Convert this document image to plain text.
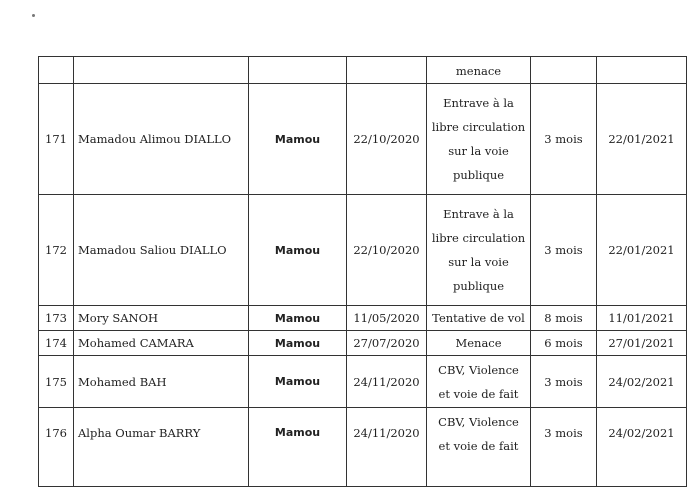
				menace		
171	Mamadou Alimou DIALLO	Mamou	22/10/2020	Entrave à la
libre circulation
sur la voie
publique	3 mois	22/01/2021
172	Mamadou Saliou DIALLO	Mamou	22/10/2020	Entrave à la
libre circulation
sur la voie
publique	3 mois	22/01/2021
173	Mory SANOH	Mamou	11/05/2020	Tentative de vol	8 mois	11/01/2021
174	Mohamed CAMARA	Mamou	27/07/2020	Menace	6 mois	27/01/2021
175	Mohamed BAH	Mamou	24/11/2020	CBV, Violence
et voie de fait	3 mois	24/02/2021
176	Alpha Oumar BARRY	Mamou	24/11/2020	CBV, Violence
et voie de fait	3 mois	24/02/2021
